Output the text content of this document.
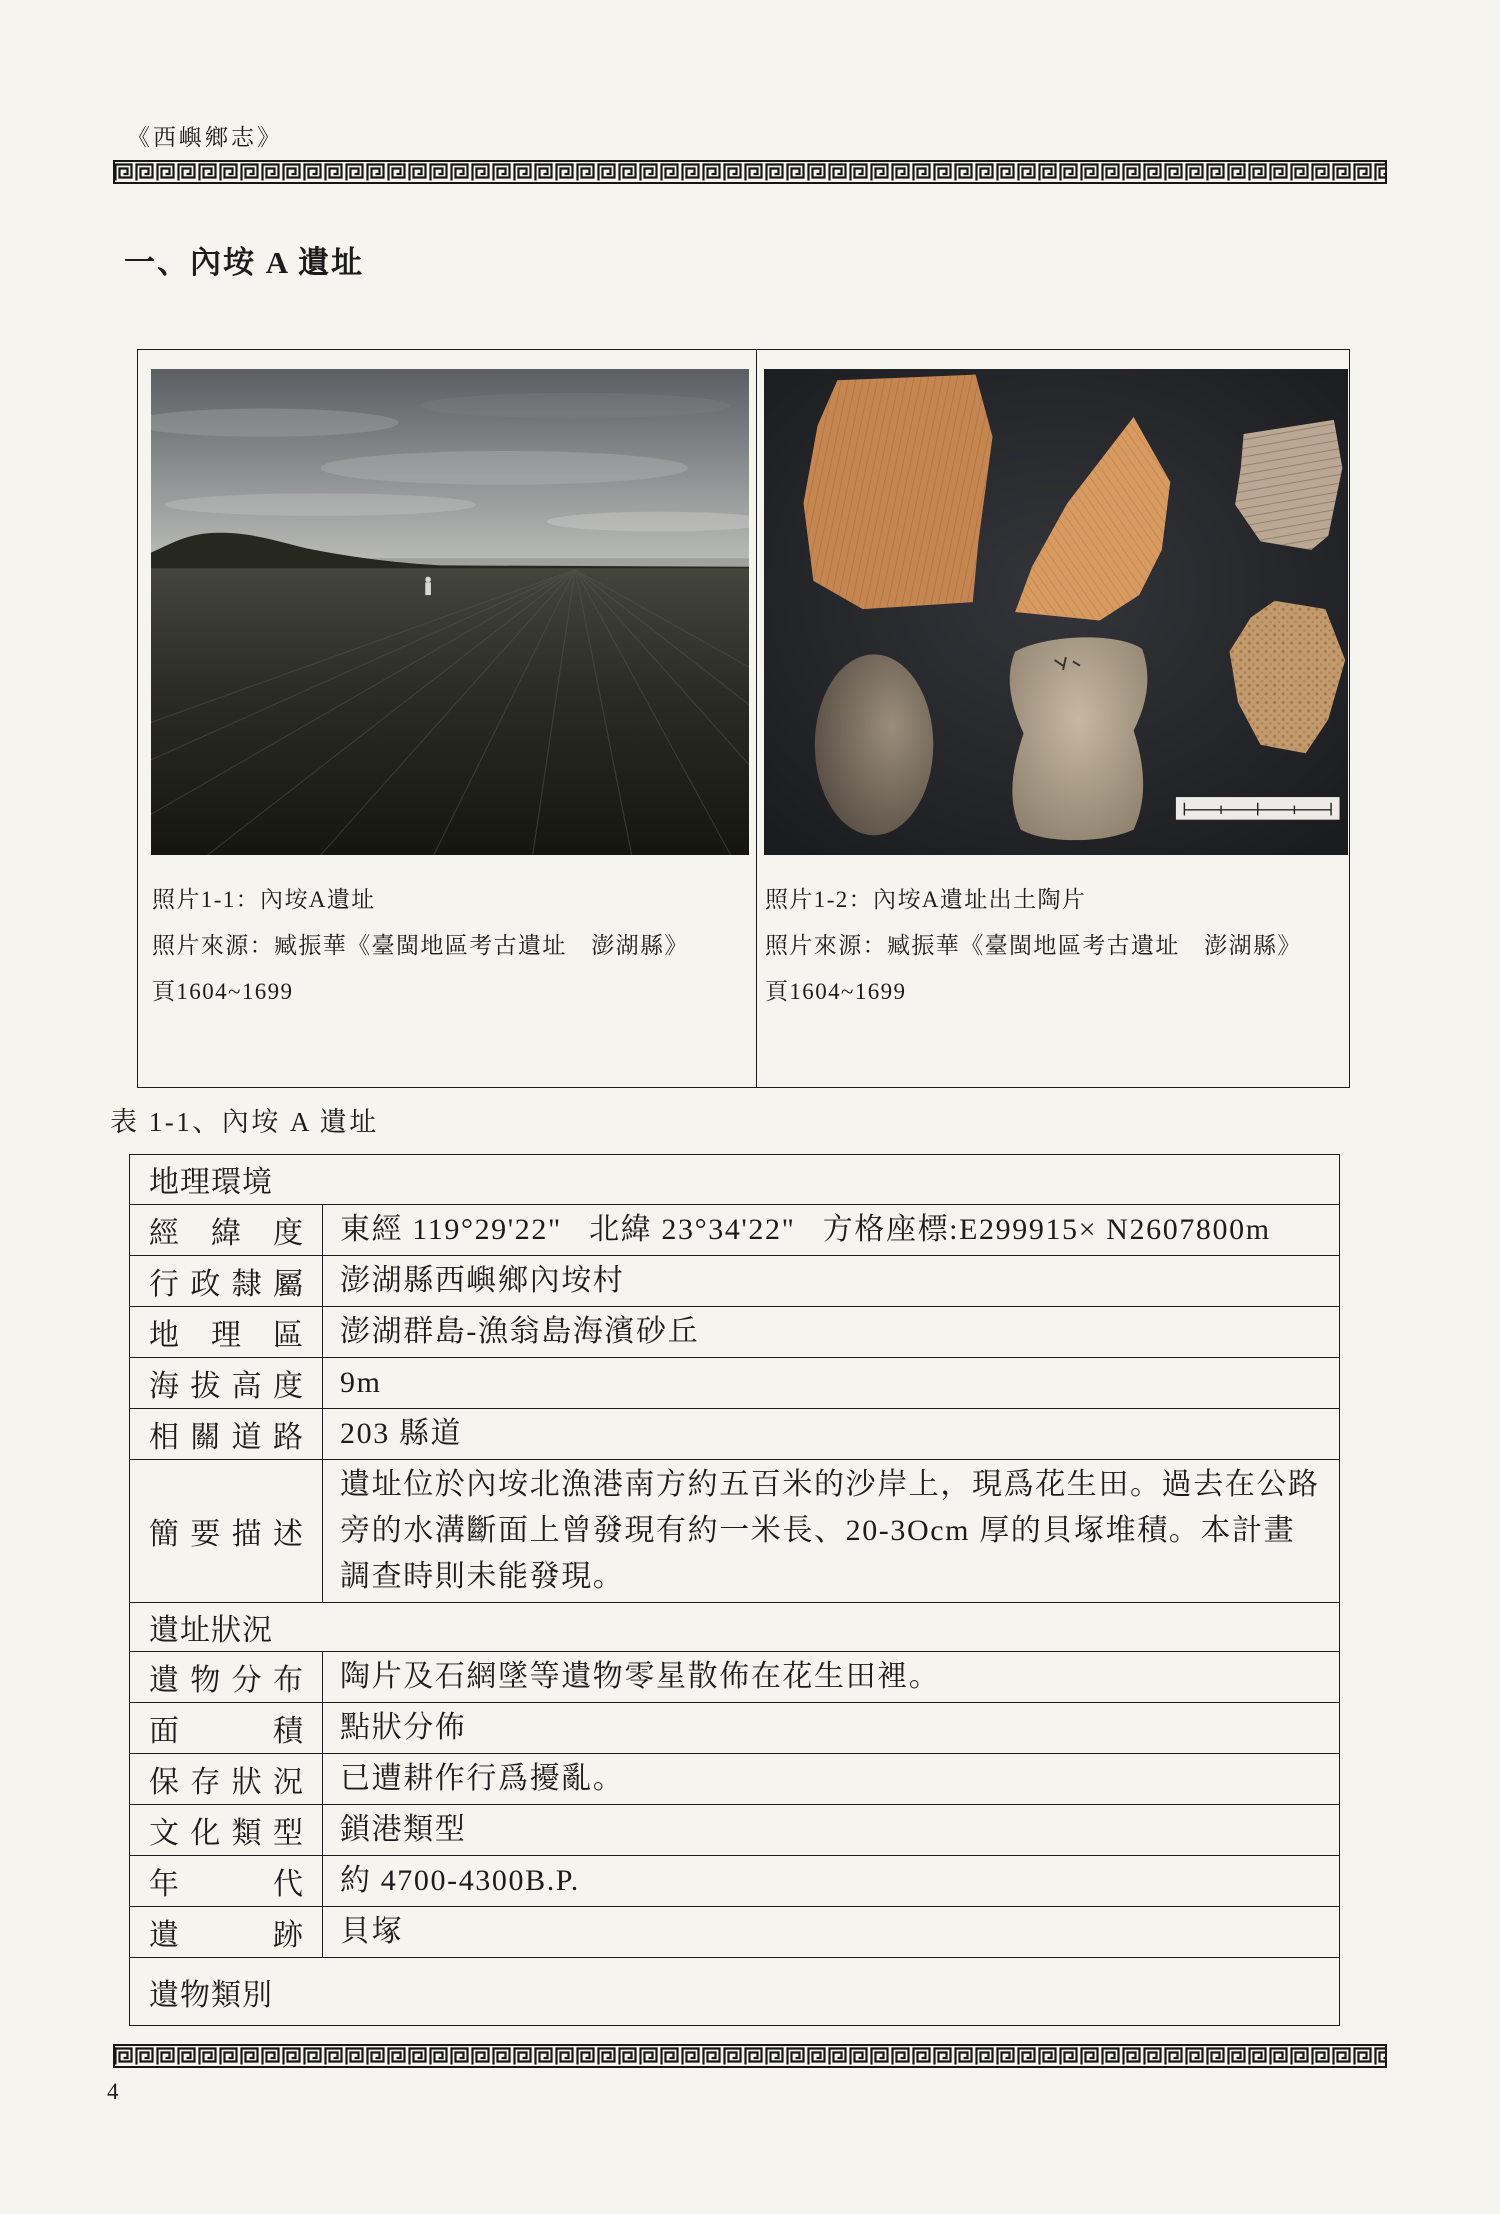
《西嶼鄉志》
一、內垵 A 遺址
照片1-1：內垵A遺址
照片來源：臧振華《臺閩地區考古遺址　澎湖縣》
頁1604~1699
照片1-2：內垵A遺址出土陶片
照片來源：臧振華《臺閩地區考古遺址　澎湖縣》
頁1604~1699
表 1-1、內垵 A 遺址
地理環境	
經緯度	東經 119°29'22"   北緯 23°34'22"   方格座標:E299915× N2607800m
行政隸屬	澎湖縣西嶼鄉內垵村
地理區	澎湖群島-漁翁島海濱砂丘
海拔高度	9m
相關道路	203 縣道
簡要描述	遺址位於內垵北漁港南方約五百米的沙岸上，現爲花生田。過去在公路旁的水溝斷面上曾發現有約一米長、20-3Ocm 厚的貝塚堆積。本計畫調查時則未能發現。
遺址狀況	
遺物分布	陶片及石網墜等遺物零星散佈在花生田裡。
面積	點狀分佈
保存狀況	已遭耕作行爲擾亂。
文化類型	鎖港類型
年代	約 4700-4300B.P.
遺跡	貝塚
遺物類別	
4
